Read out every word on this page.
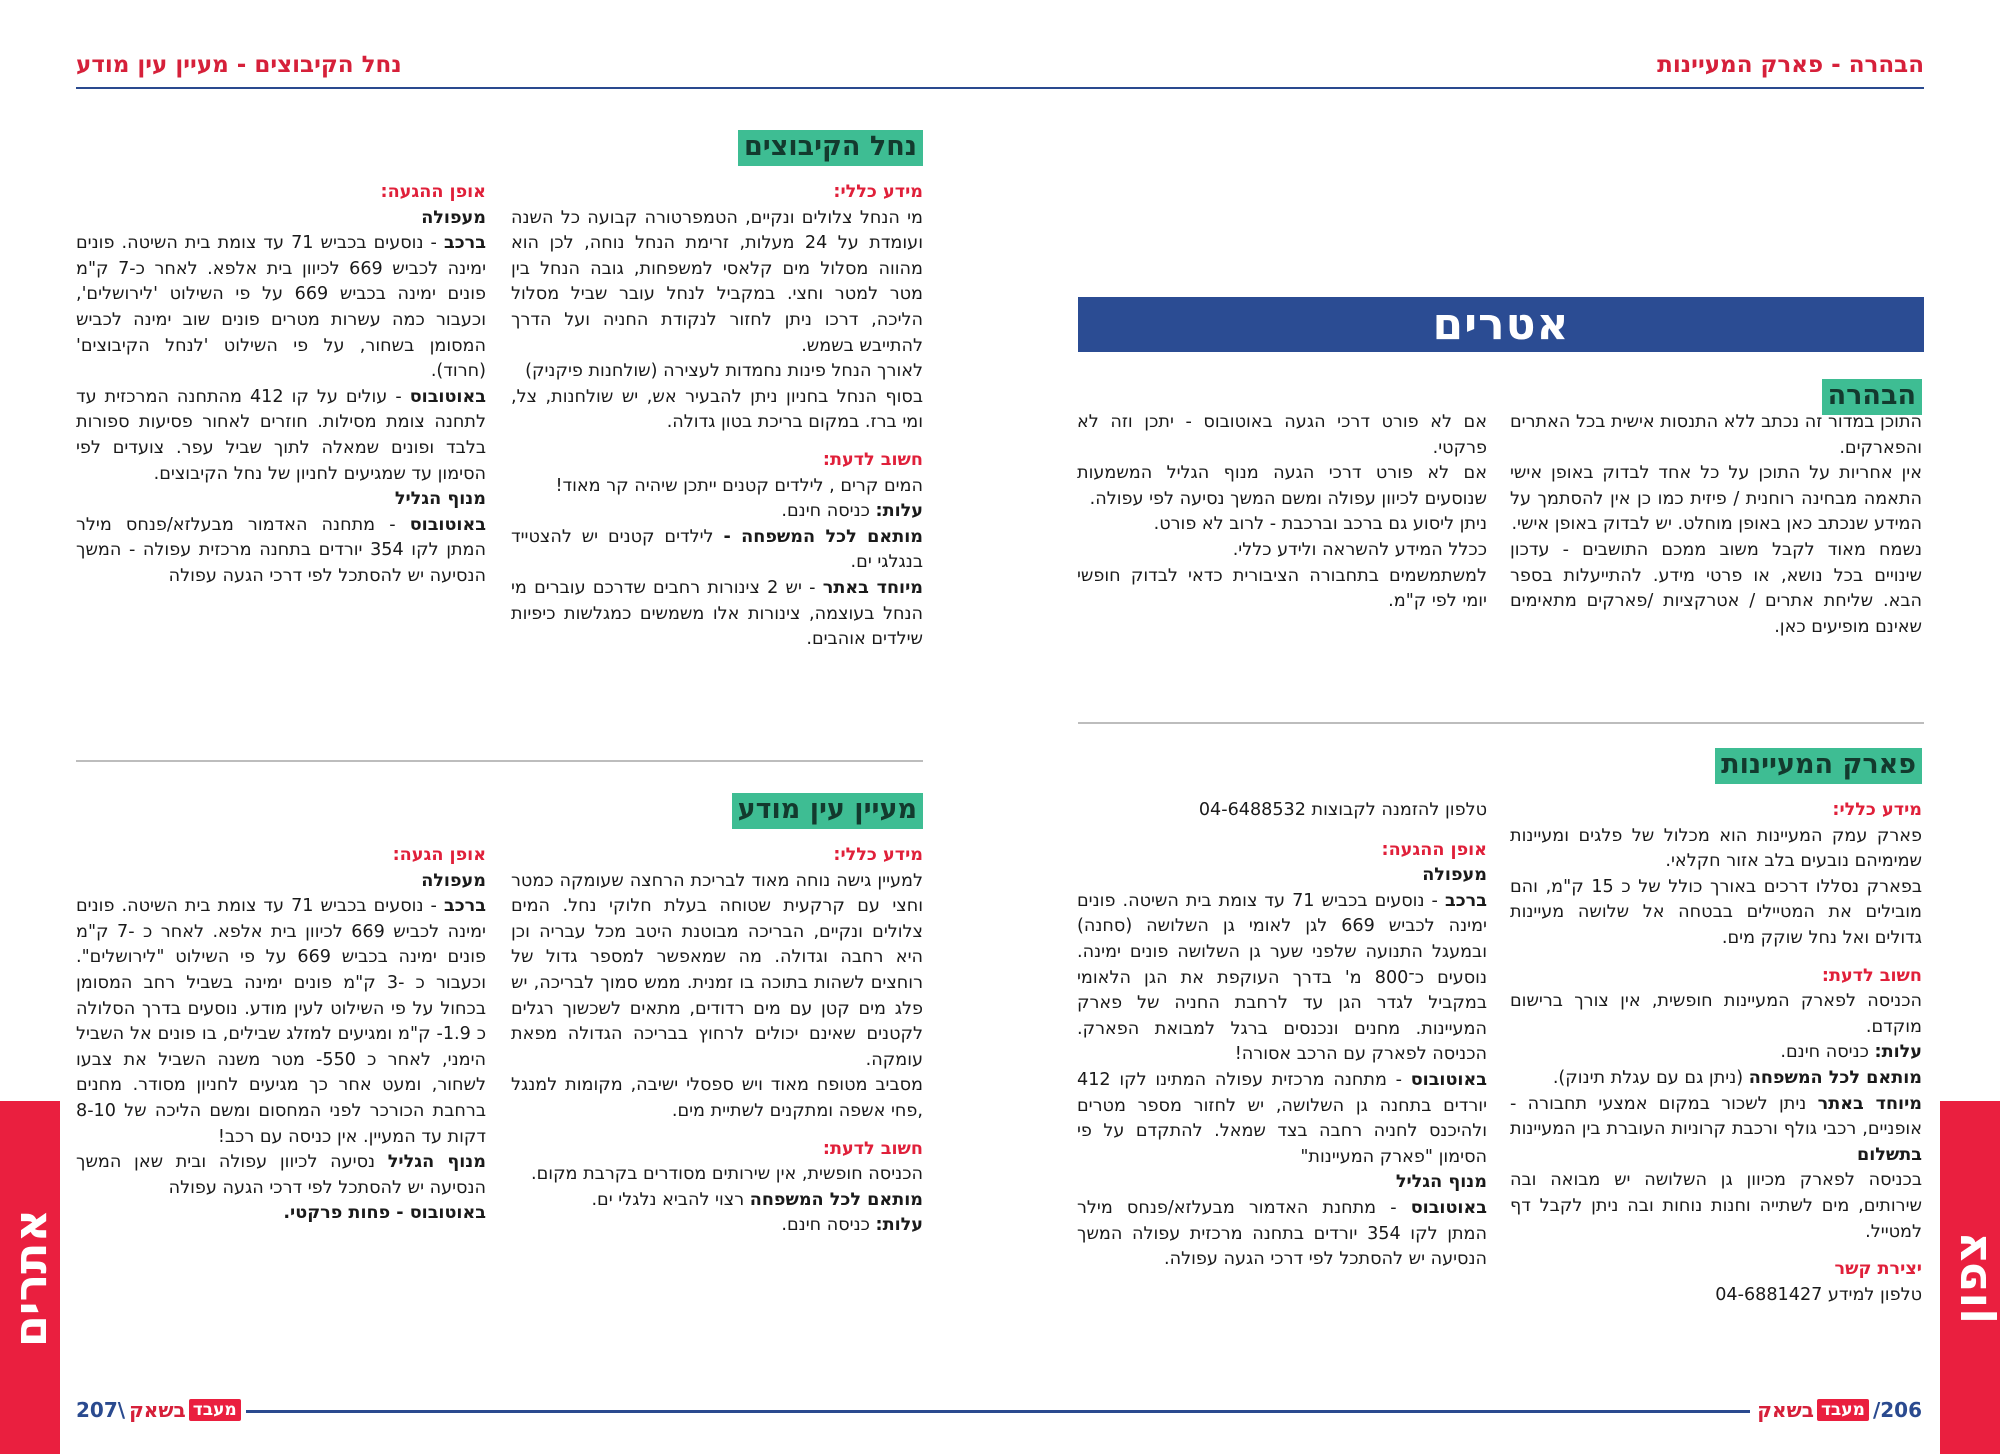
הבהרה - פארק המעיינות
נחל הקיבוצים - מעיין עין מודע
אטרים
הבהרה

התוכן במדור זה נכתב ללא התנסות אישית בכל האתרים והפארקים.

אין אחריות על התוכן על כל אחד לבדוק באופן אישי התאמה מבחינה רוחנית / פיזית כמו כן אין להסתמך על המידע שנכתב כאן באופן מוחלט. יש לבדוק באופן אישי.

נשמח מאוד לקבל משוב ממכם התושבים - עדכון שינויים בכל נושא, או פרטי מידע. להתייעלות בספר הבא. שליחת אתרים / אטרקציות /פארקים מתאימים שאינם מופיעים כאן.

אם לא פורט דרכי הגעה באוטובוס - יתכן וזה לא פרקטי.

אם לא פורט דרכי הגעה מנוף הגליל המשמעות שנוסעים לכיוון עפולה ומשם המשך נסיעה לפי עפולה.

ניתן ליסוע גם ברכב וברכבת - לרוב לא פורט.

ככלל המידע להשראה ולידע כללי.

למשתמשמים בתחבורה הציבורית כדאי לבדוק חופשי יומי לפי ק"מ.

פארק המעיינות

מידע כללי:

פארק עמק המעיינות הוא מכלול של פלגים ומעיינות שמימיהם נובעים בלב אזור חקלאי.

בפארק נסללו דרכים באורך כולל של כ 15 ק"מ, והם מובילים את המטיילים בבטחה אל שלושה מעיינות גדולים ואל נחל שוקק מים.

חשוב לדעת:

הכניסה לפארק המעיינות חופשית, אין צורך ברישום מוקדם.

עלות: כניסה חינם.

מותאם לכל המשפחה (ניתן גם עם עגלת תינוק).

מיוחד באתר ניתן לשכור במקום אמצעי תחבורה - אופניים, רכבי גולף ורכבת קרוניות העוברת בין המעיינות בתשלום

בכניסה לפארק מכיוון גן השלושה יש מבואה ובה שירותים, מים לשתייה וחנות נוחות ובה ניתן לקבל דף למטייל.

יצירת קשר

טלפון למידע 04-6881427

טלפון להזמנה לקבוצות 04-6488532

אופן ההגעה:

מעפולה

ברכב - נוסעים בכביש 71 עד צומת בית השיטה. פונים ימינה לכביש 669 לגן לאומי גן השלושה (סחנה) ובמעגל התנועה שלפני שער גן השלושה פונים ימינה. נוסעים כ־800 מ' בדרך העוקפת את הגן הלאומי במקביל לגדר הגן עד לרחבת החניה של פארק המעיינות. מחנים ונכנסים ברגל למבואת הפארק. הכניסה לפארק עם הרכב אסורה!

באוטובוס - מתחנה מרכזית עפולה המתינו לקו 412 יורדים בתחנה גן השלושה, יש לחזור מספר מטרים ולהיכנס לחניה רחבה בצד שמאל. להתקדם על פי הסימון "פארק המעיינות"

מנוף הגליל

באוטובוס - מתחנת האדמור מבעלזא/פנחס מילר המתן לקו 354 יורדים בתחנה מרכזית עפולה המשך הנסיעה יש להסתכל לפי דרכי הגעה עפולה.

נחל הקיבוצים

מידע כללי:

מי הנחל צלולים ונקיים, הטמפרטורה קבועה כל השנה ועומדת על 24 מעלות, זרימת הנחל נוחה, לכן הוא מהווה מסלול מים קלאסי למשפחות, גובה הנחל בין מטר למטר וחצי. במקביל לנחל עובר שביל מסלול הליכה, דרכו ניתן לחזור לנקודת החניה ועל הדרך להתייבש בשמש.

לאורך הנחל פינות נחמדות לעצירה (שולחנות פיקניק)

בסוף הנחל בחניון ניתן להבעיר אש, יש שולחנות, צל, ומי ברז. במקום בריכת בטון גדולה.

חשוב לדעת:

המים קרים , לילדים קטנים ייתכן שיהיה קר מאוד!

עלות: כניסה חינם.

מותאם לכל המשפחה - לילדים קטנים יש להצטייד בנגלגי ים.

מיוחד באתר - יש 2 צינורות רחבים שדרכם עוברים מי הנחל בעוצמה, צינורות אלו משמשים כמגלשות כיפיות שילדים אוהבים.

אופן ההגעה:

מעפולה

ברכב - נוסעים בכביש 71 עד צומת בית השיטה. פונים ימינה לכביש 669 לכיוון בית אלפא. לאחר כ-7 ק"מ פונים ימינה בכביש 669 על פי השילוט 'לירושלים', וכעבור כמה עשרות מטרים פונים שוב ימינה לכביש המסומן בשחור, על פי השילוט 'לנחל הקיבוצים' (חרוד).

באוטובוס - עולים על קו 412 מהתחנה המרכזית עד לתחנה צומת מסילות. חוזרים לאחור פסיעות ספורות בלבד ופונים שמאלה לתוך שביל עפר. צועדים לפי הסימון עד שמגיעים לחניון של נחל הקיבוצים.

מנוף הגליל

באוטובוס - מתחנה האדמור מבעלזא/פנחס מילר המתן לקו 354 יורדים בתחנה מרכזית עפולה - המשך הנסיעה יש להסתכל לפי דרכי הגעה עפולה

מעיין עין מודע

מידע כללי:

למעיין גישה נוחה מאוד לבריכת הרחצה שעומקה כמטר וחצי עם קרקעית שטוחה בעלת חלוקי נחל. המים צלולים ונקיים, הבריכה מבוטנת היטב מכל עבריה וכן היא רחבה וגדולה. מה שמאפשר למספר גדול של רוחצים לשהות בתוכה בו זמנית. ממש סמוך לבריכה, יש פלג מים קטן עם מים רדודים, מתאים לשכשוך רגלים לקטנים שאינם יכולים לרחוץ בבריכה הגדולה מפאת עומקה.

מסביב מטופח מאוד ויש ספסלי ישיבה, מקומות למנגל ,פחי אשפה ומתקנים לשתיית מים.

חשוב לדעת:

הכניסה חופשית, אין שירותים מסודרים בקרבת מקום.

מותאם לכל המשפחה רצוי להביא נלגלי ים.

עלות: כניסה חינם.

אופן הגעה:

מעפולה

ברכב - נוסעים בכביש 71 עד צומת בית השיטה. פונים ימינה לכביש 669 לכיוון בית אלפא. לאחר כ -7 ק"מ פונים ימינה בכביש 669 על פי השילוט "לירושלים". וכעבור כ -3 ק"מ פונים ימינה בשביל רחב המסומן בכחול על פי השילוט לעין מודע. נוסעים בדרך הסלולה כ 1.9- ק"מ ומגיעים למזלג שבילים, בו פונים אל השביל הימני, לאחר כ 550- מטר משנה השביל את צבעו לשחור, ומעט אחר כך מגיעים לחניון מסודר. מחנים ברחבת הכורכר לפני המחסום ומשם הליכה של 8-10 דקות עד המעיין. אין כניסה עם רכב!

מנוף הגליל נסיעה לכיוון עפולה ובית שאן המשך הנסיעה יש להסתכל לפי דרכי הגעה עפולה

באוטובוס - פחות פרקטי.

צפון
אתרים
מעבד
בשאק	/206
207\	מעבד
בשאק
